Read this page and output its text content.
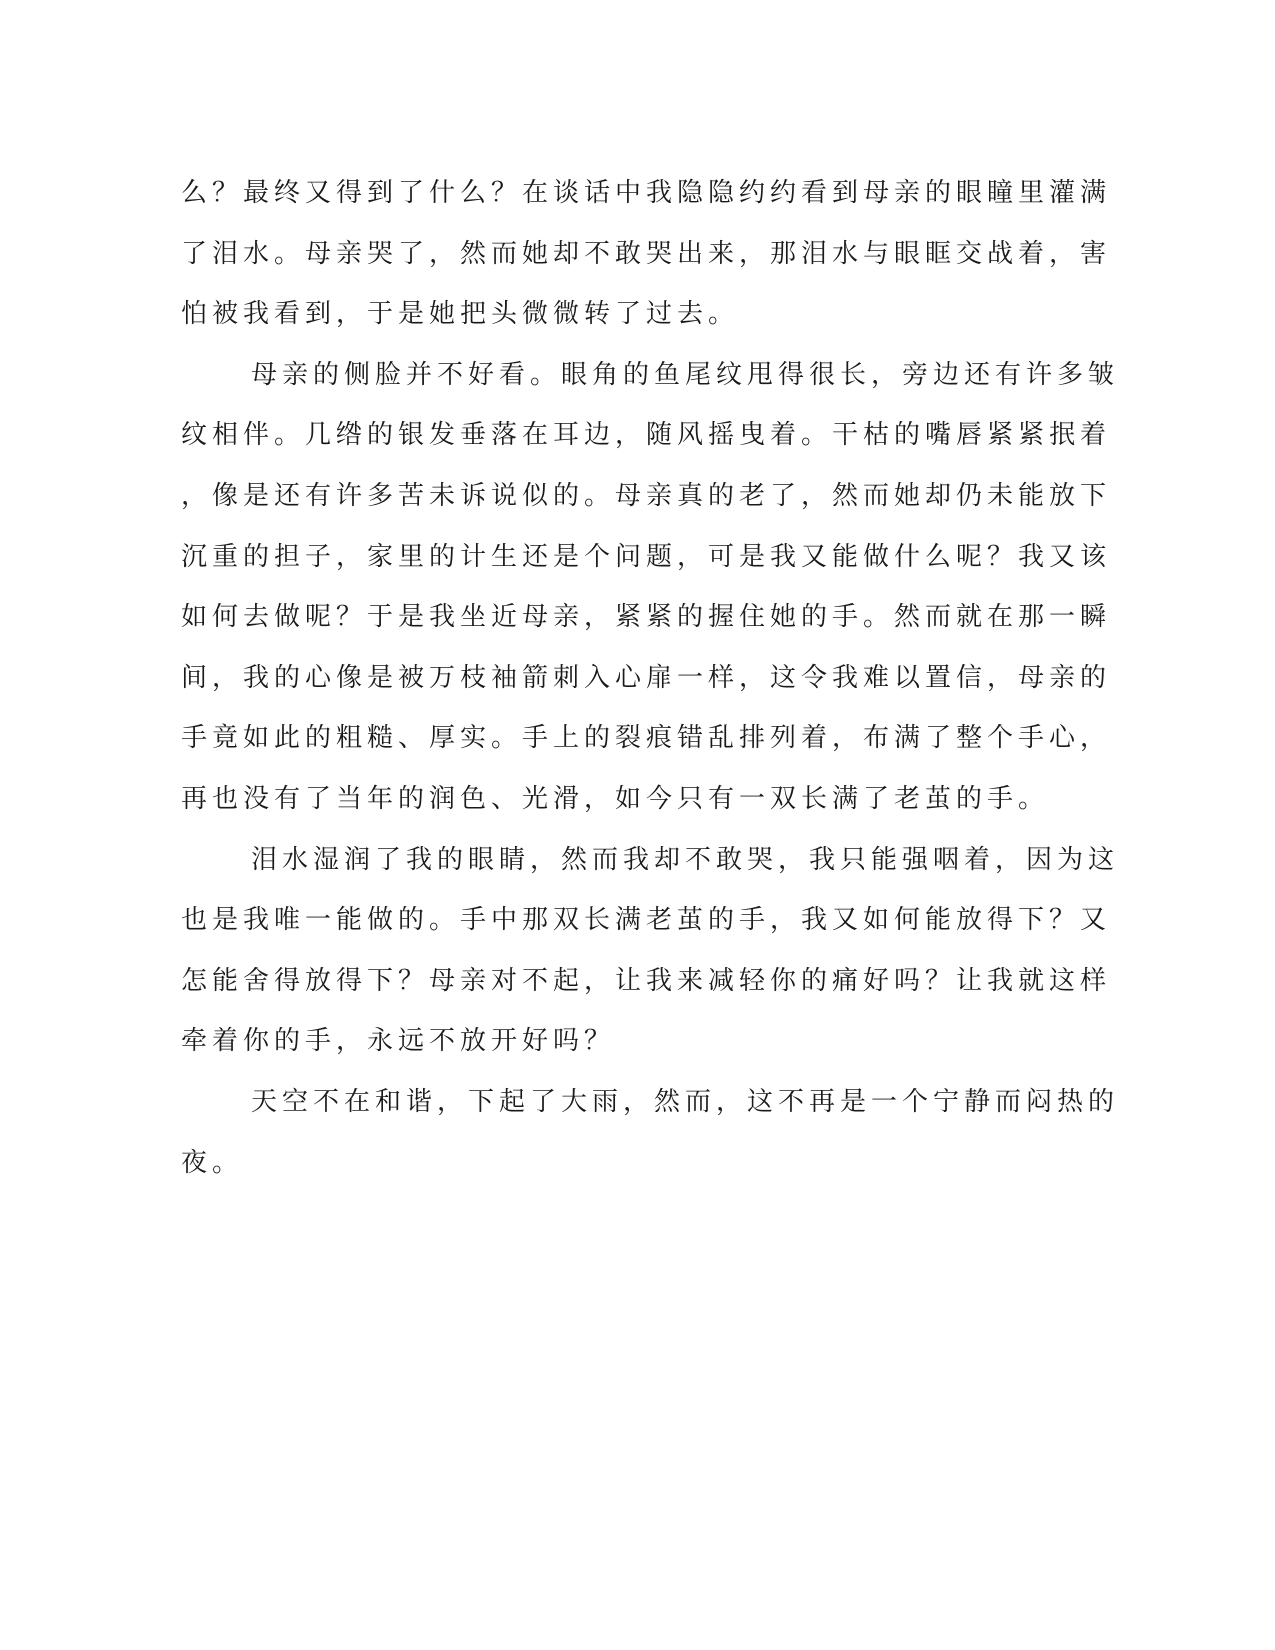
么？最终又得到了什么？在谈话中我隐隐约约看到母亲的眼瞳里灌满
了泪水。母亲哭了，然而她却不敢哭出来，那泪水与眼眶交战着，害
怕被我看到，于是她把头微微转了过去。
母亲的侧脸并不好看。眼角的鱼尾纹甩得很长，旁边还有许多皱
纹相伴。几绺的银发垂落在耳边，随风摇曳着。干枯的嘴唇紧紧抿着
，像是还有许多苦未诉说似的。母亲真的老了，然而她却仍未能放下
沉重的担子，家里的计生还是个问题，可是我又能做什么呢？我又该
如何去做呢？于是我坐近母亲，紧紧的握住她的手。然而就在那一瞬
间，我的心像是被万枝袖箭刺入心扉一样，这令我难以置信，母亲的
手竟如此的粗糙、厚实。手上的裂痕错乱排列着，布满了整个手心，
再也没有了当年的润色、光滑，如今只有一双长满了老茧的手。
泪水湿润了我的眼睛，然而我却不敢哭，我只能强咽着，因为这
也是我唯一能做的。手中那双长满老茧的手，我又如何能放得下？又
怎能舍得放得下？母亲对不起，让我来减轻你的痛好吗？让我就这样
牵着你的手，永远不放开好吗？
天空不在和谐，下起了大雨，然而，这不再是一个宁静而闷热的
夜。
